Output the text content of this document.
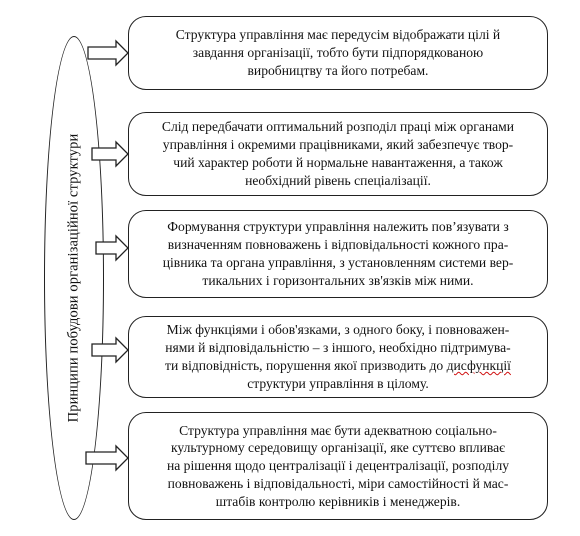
Принципи побудови організаційної структури
Структура управління має передусім відображати цілі й
завдання організації, тобто бути підпорядкованою
виробництву та його потребам.
Слід передбачати оптимальний розподіл праці між органами
управління і окремими працівниками, який забезпечує твор-
чий характер роботи й нормальне навантаження, а також
необхідний рівень спеціалізації.
Формування структури управління належить пов’язувати з
визначенням повноважень і відповідальності кожного пра-
цівника та органа управління, з установленням системи вер-
тикальних і горизонтальних зв'язків між ними.
Між функціями і обов'язками, з одного боку, і повноважен-
нями й відповідальністю – з іншого, необхідно підтримува-
ти відповідність, порушення якої призводить до дисфункції
структури управління в цілому.
Структура управління має бути адекватною соціально-
культурному середовищу організації, яке суттєво впливає
на рішення щодо централізації і децентралізації, розподілу
повноважень і відповідальності, міри самостійності й мас-
штабів контролю керівників і менеджерів.
